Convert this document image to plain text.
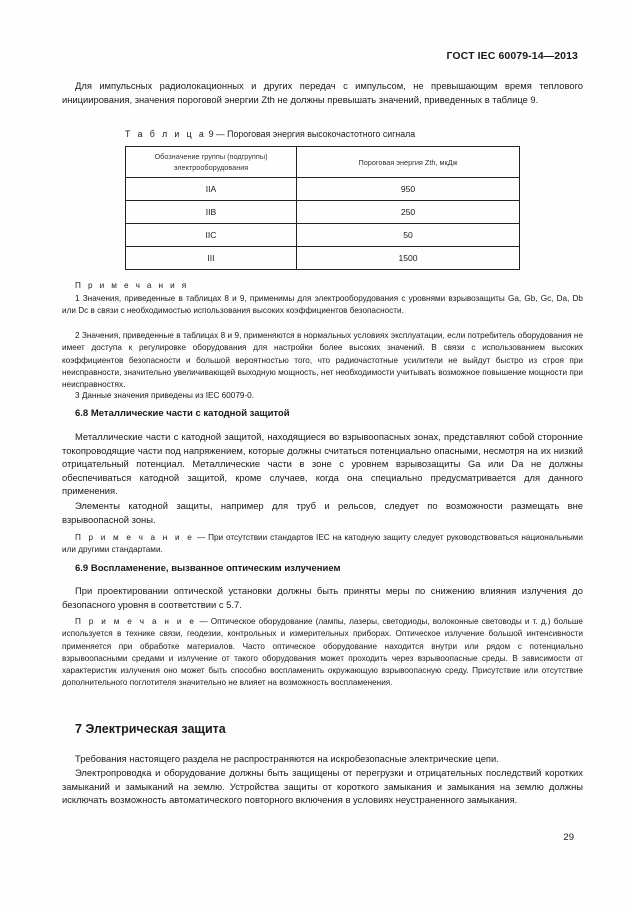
ГОСТ IEC 60079-14—2013
Для импульсных радиолокационных и других передач с импульсом, не превышающим время теплового инициирования, значения пороговой энергии Zth не должны превышать значений, приведенных в таблице 9.
Т а б л и ц а 9 — Пороговая энергия высокочастотного сигнала
Обозначение группы (подгруппы) электрооборудования	Пороговая энергия Zth, мкДж
IIA	950
IIB	250
IIC	50
III	1500
П р и м е ч а н и я
1 Значения, приведенные в таблицах 8 и 9, применимы для электрооборудования с уровнями взрывозащиты Ga, Gb, Gc, Da, Db или Dc в связи с необходимостью использования высоких коэффициентов безопасности.
2 Значения, приведенные в таблицах 8 и 9, применяются в нормальных условиях эксплуатации, если потребитель оборудования не имеет доступа к регулировке оборудования для настройки более высоких значений. В связи с использованием высоких коэффициентов безопасности и большой вероятностью того, что радиочастотные усилители не выйдут быстро из строя при неисправности, значительно увеличивающей выходную мощность, нет необходимости учитывать возможное повышение мощности при неисправностях.
3 Данные значения приведены из IEC 60079-0.
6.8 Металлические части с катодной защитой
Металлические части с катодной защитой, находящиеся во взрывоопасных зонах, представляют собой сторонние токопроводящие части под напряжением, которые должны считаться потенциально опасными, несмотря на их низкий отрицательный потенциал. Металлические части в зоне с уровнем взрывозащиты Ga или Da не должны обеспечиваться катодной защитой, кроме случаев, когда она специально предусматривается для данного применения.
Элементы катодной защиты, например для труб и рельсов, следует по возможности размещать вне взрывоопасной зоны.
П р и м е ч а н и е — При отсутствии стандартов IEC на катодную защиту следует руководствоваться национальными или другими стандартами.
6.9 Воспламенение, вызванное оптическим излучением
При проектировании оптической установки должны быть приняты меры по снижению влияния излучения до безопасного уровня в соответствии с 5.7.
П р и м е ч а н и е — Оптическое оборудование (лампы, лазеры, светодиоды, волоконные световоды и т. д.) больше используется в технике связи, геодезии, контрольных и измерительных приборах. Оптическое излучение большой интенсивности применяется при обработке материалов. Часто оптическое оборудование находится внутри или рядом с потенциально взрывоопасными средами и излучение от такого оборудования может проходить через взрывоопасные среды. В зависимости от характеристик излучения оно может быть способно воспламенить окружающую взрывоопасную среду. Присутствие или отсутствие дополнительного поглотителя значительно не влияет на возможность воспламенения.
7 Электрическая защита
Требования настоящего раздела не распространяются на искробезопасные электрические цепи.
Электропроводка и оборудование должны быть защищены от перегрузки и отрицательных последствий коротких замыканий и замыканий на землю. Устройства защиты от короткого замыкания и замыкания на землю должны исключать возможность автоматического повторного включения в условиях неустраненного замыкания.
29
